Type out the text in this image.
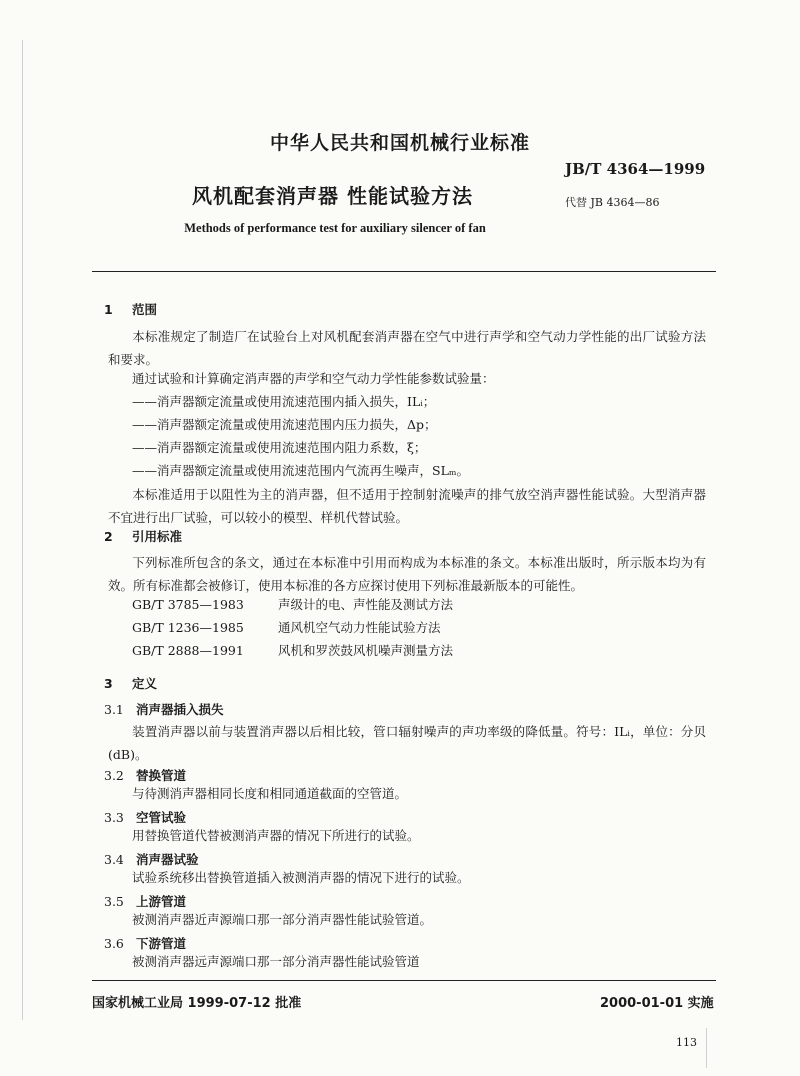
中华人民共和国机械行业标准
JB/T 4364—1999
风机配套消声器 性能试验方法	代替 JB 4364—86
Methods of performance test for auxiliary silencer of fan
1 范围
本标准规定了制造厂在试验台上对风机配套消声器在空气中进行声学和空气动力学性能的出厂试验方法和要求。
通过试验和计算确定消声器的声学和空气动力学性能参数试验量：
——消声器额定流量或使用流速范围内插入损失，ILᵢ；
——消声器额定流量或使用流速范围内压力损失，Δp；
——消声器额定流量或使用流速范围内阻力系数，ξ；
——消声器额定流量或使用流速范围内气流再生噪声，SLₘ。
本标准适用于以阻性为主的消声器，但不适用于控制射流噪声的排气放空消声器性能试验。大型消声器不宜进行出厂试验，可以较小的模型、样机代替试验。
2 引用标准
下列标准所包含的条文，通过在本标准中引用而构成为本标准的条文。本标准出版时，所示版本均为有效。所有标准都会被修订，使用本标准的各方应探讨使用下列标准最新版本的可能性。
GB/T 3785—1983	声级计的电、声性能及测试方法
GB/T 1236—1985	通风机空气动力性能试验方法
GB/T 2888—1991	风机和罗茨鼓风机噪声测量方法
3 定义
3.1 消声器插入损失
装置消声器以前与装置消声器以后相比较，管口辐射噪声的声功率级的降低量。符号：ILᵢ，单位：分贝(dB)。
3.2 替换管道
与待测消声器相同长度和相同通道截面的空管道。
3.3 空管试验
用替换管道代替被测消声器的情况下所进行的试验。
3.4 消声器试验
试验系统移出替换管道插入被测消声器的情况下进行的试验。
3.5 上游管道
被测消声器近声源端口那一部分消声器性能试验管道。
3.6 下游管道
被测消声器远声源端口那一部分消声器性能试验管道
国家机械工业局 1999-07-12 批准	2000-01-01 实施
113
